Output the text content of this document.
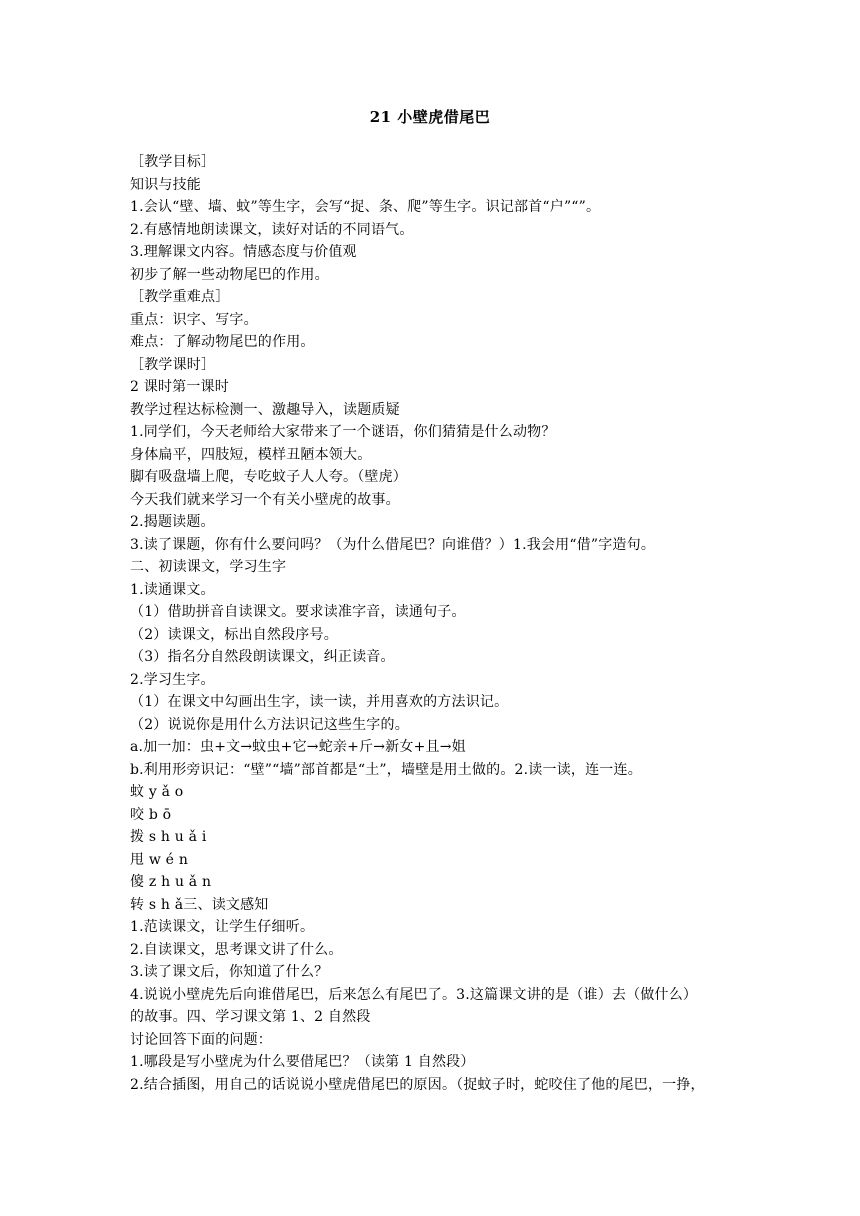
21 小壁虎借尾巴
［教学目标］
知识与技能
1.会认“壁、墙、蚊”等生字，会写“捉、条、爬”等生字。识记部首“户”“”。
2.有感情地朗读课文，读好对话的不同语气。
3.理解课文内容。情感态度与价值观
初步了解一些动物尾巴的作用。
［教学重难点］
重点：识字、写字。
难点：了解动物尾巴的作用。
［教学课时］
2 课时第一课时
教学过程达标检测一、激趣导入，读题质疑
1.同学们，今天老师给大家带来了一个谜语，你们猜猜是什么动物？
身体扁平，四肢短，模样丑陋本领大。
脚有吸盘墙上爬，专吃蚊子人人夸。（壁虎）
今天我们就来学习一个有关小壁虎的故事。
2.揭题读题。
3.读了课题，你有什么要问吗？（为什么借尾巴？向谁借？）1.我会用“借”字造句。
二、初读课文，学习生字
1.读通课文。
（1）借助拼音自读课文。要求读准字音，读通句子。
（2）读课文，标出自然段序号。
（3）指名分自然段朗读课文，纠正读音。
2.学习生字。
（1）在课文中勾画出生字，读一读，并用喜欢的方法识记。
（2）说说你是用什么方法识记这些生字的。
a.加一加：虫+文→蚊虫+它→蛇亲+斤→新女+且→姐
b.利用形旁识记：“壁”“墙”部首都是“土”，墙壁是用土做的。2.读一读，连一连。
蚊 y ǎ o
咬 b ō
拨 s h u ǎ i
甩 w é n
傻 z h u ǎ n
转 s h ǎ三、读文感知
1.范读课文，让学生仔细听。
2.自读课文，思考课文讲了什么。
3.读了课文后，你知道了什么？
4.说说小壁虎先后向谁借尾巴，后来怎么有尾巴了。3.这篇课文讲的是（谁）去（做什么）
的故事。四、学习课文第 1、2 自然段
讨论回答下面的问题：
1.哪段是写小壁虎为什么要借尾巴？（读第 1 自然段）
2.结合插图，用自己的话说说小壁虎借尾巴的原因。（捉蚊子时，蛇咬住了他的尾巴，一挣，
